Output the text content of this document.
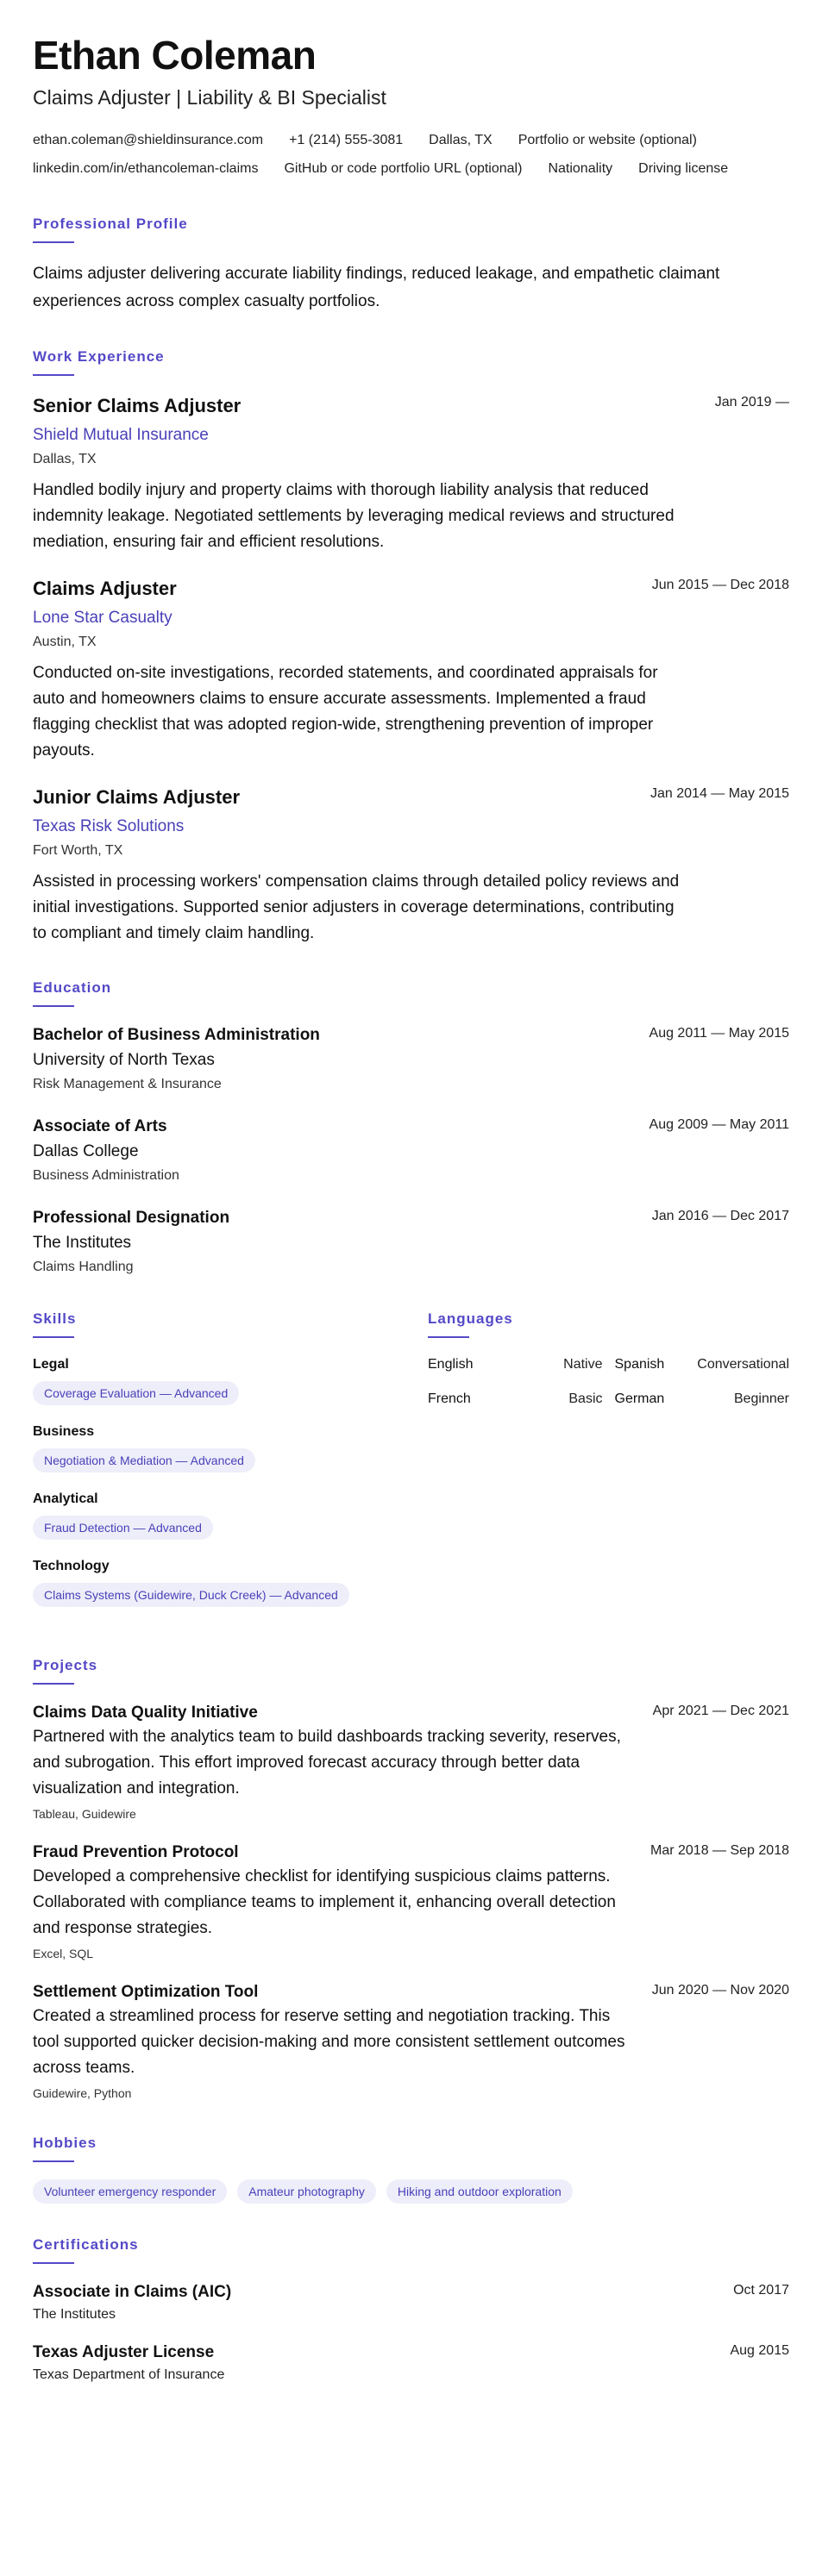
Ethan Coleman
Claims Adjuster | Liability & BI Specialist
ethan.coleman@shieldinsurance.com +1 (214) 555-3081 Dallas, TX Portfolio or website (optional)
linkedin.com/in/ethancoleman-claims GitHub or code portfolio URL (optional) Nationality Driving license
Professional Profile

Claims adjuster delivering accurate liability findings, reduced leakage, and empathetic claimant experiences across complex casualty portfolios.

Work Experience
Senior Claims Adjuster	Jan 2019 —
Shield Mutual Insurance
Dallas, TX

Handled bodily injury and property claims with thorough liability analysis that reduced indemnity leakage. Negotiated settlements by leveraging medical reviews and structured mediation, ensuring fair and efficient resolutions.

Claims Adjuster	Jun 2015 — Dec 2018
Lone Star Casualty
Austin, TX

Conducted on-site investigations, recorded statements, and coordinated appraisals for auto and homeowners claims to ensure accurate assessments. Implemented a fraud flagging checklist that was adopted region-wide, strengthening prevention of improper payouts.

Junior Claims Adjuster	Jan 2014 — May 2015
Texas Risk Solutions
Fort Worth, TX

Assisted in processing workers' compensation claims through detailed policy reviews and initial investigations. Supported senior adjusters in coverage determinations, contributing to compliant and timely claim handling.

Education
Bachelor of Business Administration	Aug 2011 — May 2015
University of North Texas
Risk Management & Insurance
Associate of Arts	Aug 2009 — May 2011
Dallas College
Business Administration
Professional Designation	Jan 2016 — Dec 2017
The Institutes
Claims Handling
Skills
Legal
Coverage Evaluation — Advanced
Business
Negotiation & Mediation — Advanced
Analytical
Fraud Detection — Advanced
Technology
Claims Systems (Guidewire, Duck Creek) — Advanced
Languages
English	Native Spanish Conversational
French	Basic German	Beginner
Projects
Claims Data Quality Initiative	Apr 2021 — Dec 2021

Partnered with the analytics team to build dashboards tracking severity, reserves, and subrogation. This effort improved forecast accuracy through better data visualization and integration.

Tableau, Guidewire
Fraud Prevention Protocol	Mar 2018 — Sep 2018

Developed a comprehensive checklist for identifying suspicious claims patterns. Collaborated with compliance teams to implement it, enhancing overall detection and response strategies.

Excel, SQL
Settlement Optimization Tool	Jun 2020 — Nov 2020

Created a streamlined process for reserve setting and negotiation tracking. This tool supported quicker decision-making and more consistent settlement outcomes across teams.

Guidewire, Python
Hobbies
Volunteer emergency responder	Amateur photography	Hiking and outdoor exploration
Certifications
Associate in Claims (AIC)	Oct 2017
The Institutes
Texas Adjuster License	Aug 2015
Texas Department of Insurance
